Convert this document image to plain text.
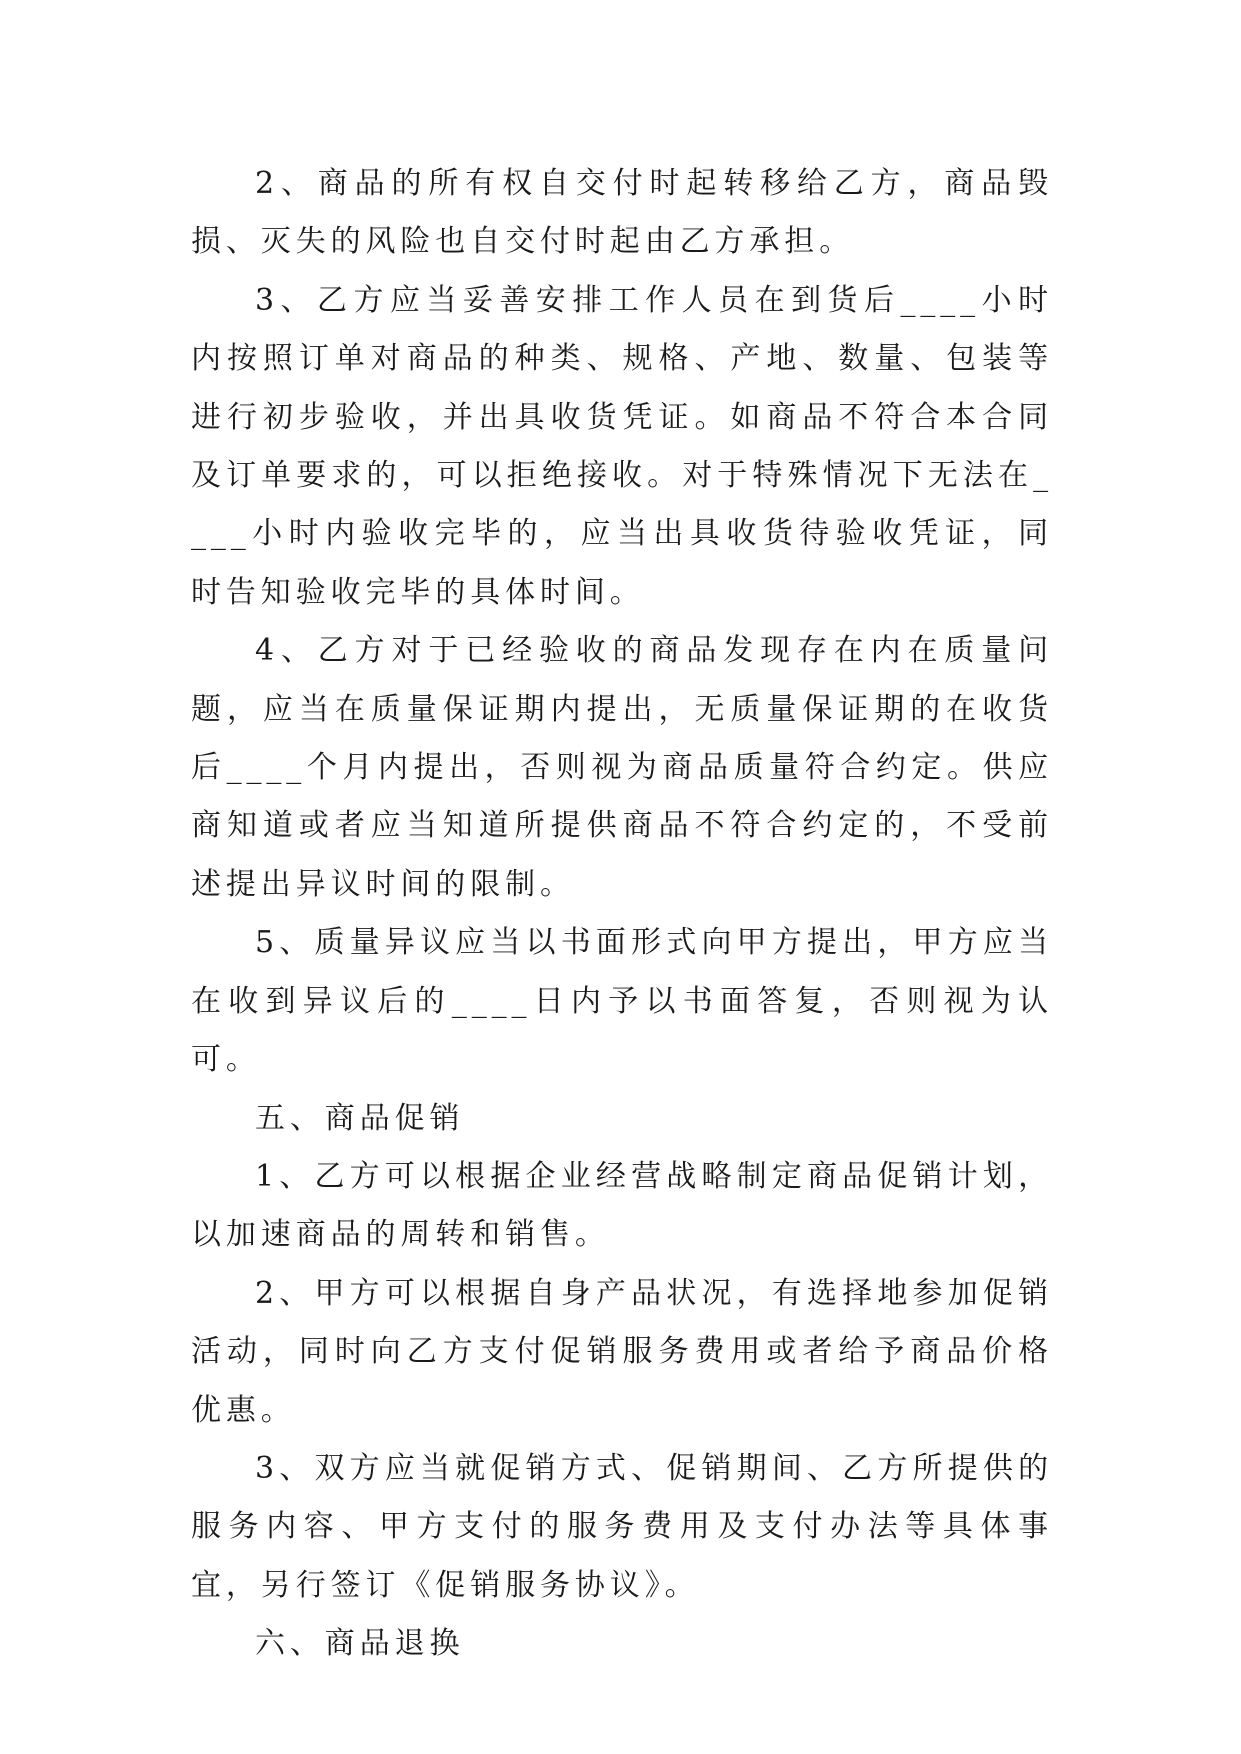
2、商品的所有权自交付时起转移给乙方，商品毁损、灭失的风险也自交付时起由乙方承担。

3、乙方应当妥善安排工作人员在到货后____小时内按照订单对商品的种类、规格、产地、数量、包装等进行初步验收，并出具收货凭证。如商品不符合本合同及订单要求的，可以拒绝接收。对于特殊情况下无法在____小时内验收完毕的，应当出具收货待验收凭证，同时告知验收完毕的具体时间。

4、乙方对于已经验收的商品发现存在内在质量问题，应当在质量保证期内提出，无质量保证期的在收货后____个月内提出，否则视为商品质量符合约定。供应商知道或者应当知道所提供商品不符合约定的，不受前述提出异议时间的限制。

5、质量异议应当以书面形式向甲方提出，甲方应当在收到异议后的____日内予以书面答复，否则视为认可。

五、商品促销

1、乙方可以根据企业经营战略制定商品促销计划，以加速商品的周转和销售。

2、甲方可以根据自身产品状况，有选择地参加促销活动，同时向乙方支付促销服务费用或者给予商品价格优惠。

3、双方应当就促销方式、促销期间、乙方所提供的服务内容、甲方支付的服务费用及支付办法等具体事宜，另行签订《促销服务协议》。

六、商品退换
